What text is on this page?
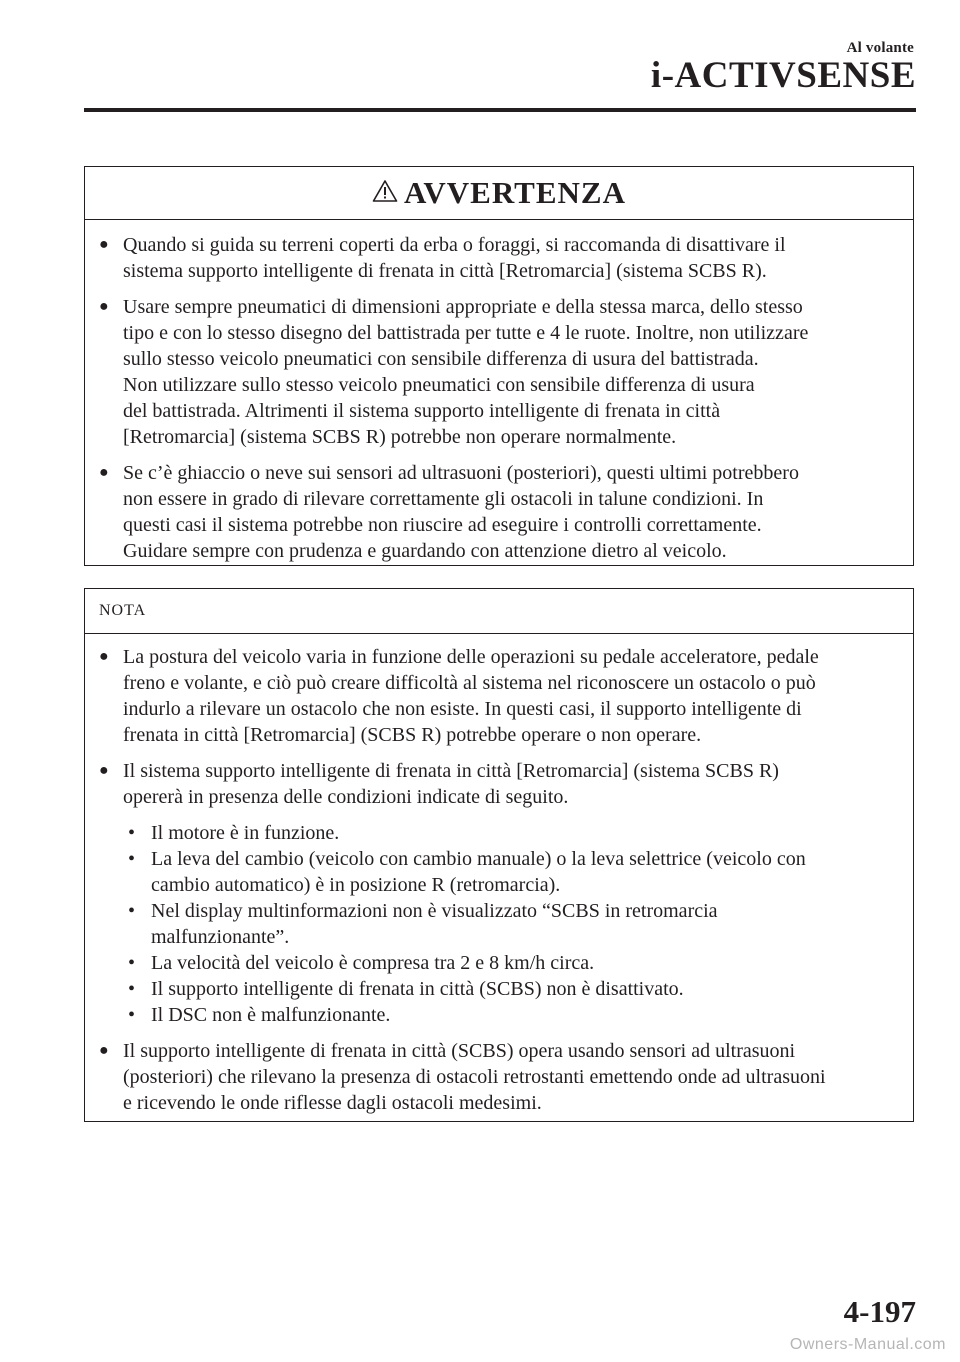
Al volante
i-ACTIVSENSE
AVVERTENZA
● Quando si guida su terreni coperti da erba o foraggi, si raccomanda di disattivare il
sistema supporto intelligente di frenata in città [Retromarcia] (sistema SCBS R).
● Usare sempre pneumatici di dimensioni appropriate e della stessa marca, dello stesso
tipo e con lo stesso disegno del battistrada per tutte e 4 le ruote. Inoltre, non utilizzare
sullo stesso veicolo pneumatici con sensibile differenza di usura del battistrada.
Non utilizzare sullo stesso veicolo pneumatici con sensibile differenza di usura
del battistrada. Altrimenti il sistema supporto intelligente di frenata in città
[Retromarcia] (sistema SCBS R) potrebbe non operare normalmente.
● Se c’è ghiaccio o neve sui sensori ad ultrasuoni (posteriori), questi ultimi potrebbero
non essere in grado di rilevare correttamente gli ostacoli in talune condizioni. In
questi casi il sistema potrebbe non riuscire ad eseguire i controlli correttamente.
Guidare sempre con prudenza e guardando con attenzione dietro al veicolo.
NOTA
● La postura del veicolo varia in funzione delle operazioni su pedale acceleratore, pedale
freno e volante, e ciò può creare difficoltà al sistema nel riconoscere un ostacolo o può
indurlo a rilevare un ostacolo che non esiste. In questi casi, il supporto intelligente di
frenata in città [Retromarcia] (SCBS R) potrebbe operare o non operare.
● Il sistema supporto intelligente di frenata in città [Retromarcia] (sistema SCBS R)
opererà in presenza delle condizioni indicate di seguito.
• Il motore è in funzione.
• La leva del cambio (veicolo con cambio manuale) o la leva selettrice (veicolo con
cambio automatico) è in posizione R (retromarcia).
• Nel display multinformazioni non è visualizzato “SCBS in retromarcia
malfunzionante”.
• La velocità del veicolo è compresa tra 2 e 8 km/h circa.
• Il supporto intelligente di frenata in città (SCBS) non è disattivato.
• Il DSC non è malfunzionante.
● Il supporto intelligente di frenata in città (SCBS) opera usando sensori ad ultrasuoni
(posteriori) che rilevano la presenza di ostacoli retrostanti emettendo onde ad ultrasuoni
e ricevendo le onde riflesse dagli ostacoli medesimi.
4-197
Owners-Manual.com
